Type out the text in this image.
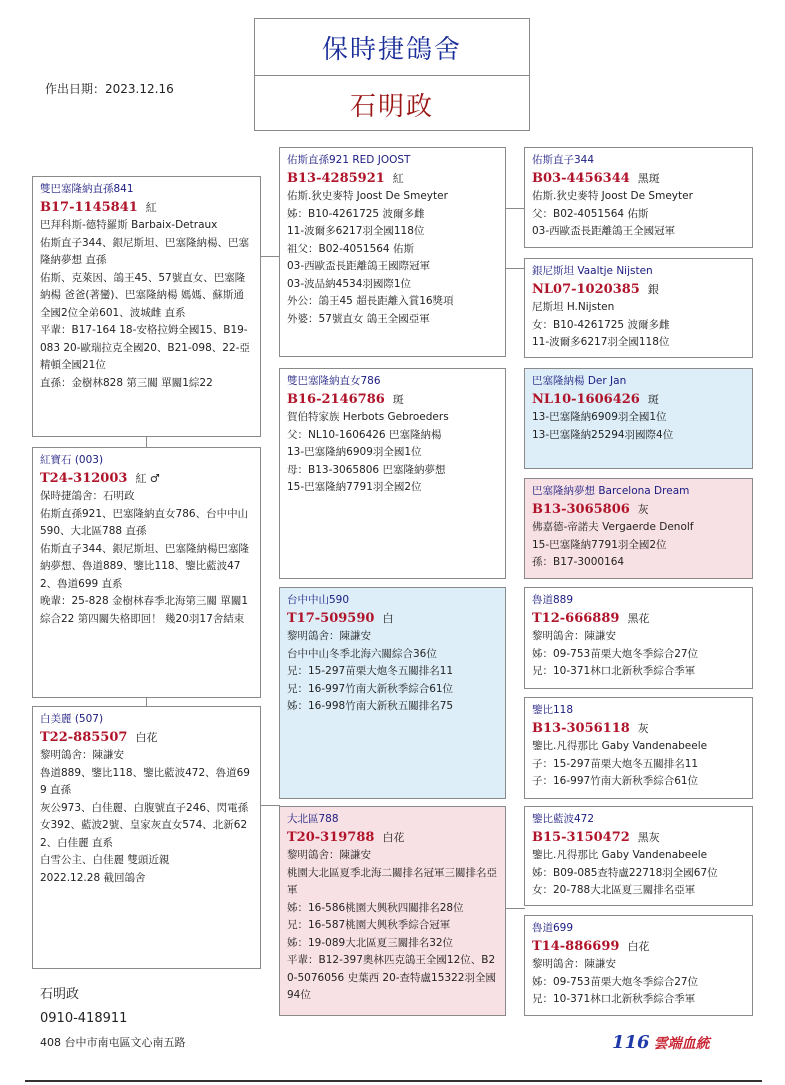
保時捷鴿舍
石明政
作出日期：2023.12.16
雙巴塞隆納直孫841
B17-1145841 紅
巴拜科斯-德特羅斯 Barbaix-Detraux
佑斯直子344、銀尼斯坦、巴塞隆納楊、巴塞隆納夢想 直孫
佑斯、克萊因、鴿王45、57號直女、巴塞隆納楊 爸爸(著蠻)、巴塞隆納楊 媽媽、蘇斯通全國2位全弟601、波城雌 直系
平輩：B17-164 18-安格拉姆全國15、B19-083 20-歐瑞拉克全國20、B21-098、22-亞精頓全國21位
直孫：金樹林828 第三關 單關1綜22
紅寶石 (003)
T24-312003 紅 ♂
保時捷鴿舍：石明政
佑斯直孫921、巴塞隆納直女786、台中中山590、大北區788 直孫
佑斯直子344、銀尼斯坦、巴塞隆納楊巴塞隆納夢想、魯道889、鑒比118、鑒比藍波472、魯道699 直系
晚輩：25-828 金樹林春季北海第三關 單關1 綜合22 第四關失格即回！ 幾20羽17舍結束
白美麗 (507)
T22-885507 白花
黎明鴿舍：陳謙安
魯道889、鑒比118、鑒比藍波472、魯道699 直孫
灰公973、白佳麗、白腹號直子246、閃電孫女392、藍波2號、皇家灰直女574、北新622、白佳麗 直系
白雪公主、白佳麗 雙頭近親
2022.12.28 截回鴿舍
佑斯直孫921 RED JOOST
B13-4285921 紅
佑斯.狄史麥特 Joost De Smeyter
姊：B10-4261725 波爾多雌
11-波爾多6217羽全國118位
祖父：B02-4051564 佑斯
03-西歐盃長距離鴿王國際冠軍
03-波品納4534羽國際1位
外公：鴿王45 超長距離入賞16獎項
外婆：57號直女 鴿王全國亞軍
雙巴塞隆納直女786
B16-2146786 斑
賀伯特家族 Herbots Gebroeders
父：NL10-1606426 巴塞隆納楊
13-巴塞隆納6909羽全國1位
母：B13-3065806 巴塞隆納夢想
15-巴塞隆納7791羽全國2位
台中中山590
T17-509590 白
黎明鴿舍：陳謙安
台中中山冬季北海六關綜合36位
兄：15-297苗栗大炮冬五關排名11
兄：16-997竹南大新秋季綜合61位
姊：16-998竹南大新秋五關排名75
大北區788
T20-319788 白花
黎明鴿舍：陳謙安
桃園大北區夏季北海二關排名冠軍三關排名亞軍
姊：16-586桃園大興秋四關排名28位
兄：16-587桃園大興秋季綜合冠軍
姊：19-089大北區夏三關排名32位
平輩：B12-397奧林匹克鴿王全國12位、B20-5076056 史葉西 20-查特盧15322羽全國94位
佑斯直子344
B03-4456344 黑斑
佑斯.狄史麥特 Joost De Smeyter
父：B02-4051564 佑斯
03-西歐盃長距離鴿王全國冠軍
銀尼斯坦 Vaaltje Nijsten
NL07-1020385 銀
尼斯坦 H.Nijsten
女：B10-4261725 波爾多雌
11-波爾多6217羽全國118位
巴塞隆納楊 Der Jan
NL10-1606426 斑
13-巴塞隆納6909羽全國1位
13-巴塞隆納25294羽國際4位
巴塞隆納夢想 Barcelona Dream
B13-3065806 灰
佛嘉德-帝諾夫 Vergaerde Denolf
15-巴塞隆納7791羽全國2位
孫：B17-3000164
魯道889
T12-666889 黑花
黎明鴿舍：陳謙安
姊：09-753苗栗大炮冬季綜合27位
兄：10-371林口北新秋季綜合季軍
鑒比118
B13-3056118 灰
鑒比.凡得那比 Gaby Vandenabeele
子：15-297苗栗大炮冬五關排名11
子：16-997竹南大新秋季綜合61位
鑒比藍波472
B15-3150472 黑灰
鑒比.凡得那比 Gaby Vandenabeele
姊：B09-085查特盧22718羽全國67位
女：20-788大北區夏三關排名亞軍
魯道699
T14-886699 白花
黎明鴿舍：陳謙安
姊：09-753苗栗大炮冬季綜合27位
兄：10-371林口北新秋季綜合季軍
石明政
0910-418911
408 台中市南屯區文心南五路	116 雲端血統
